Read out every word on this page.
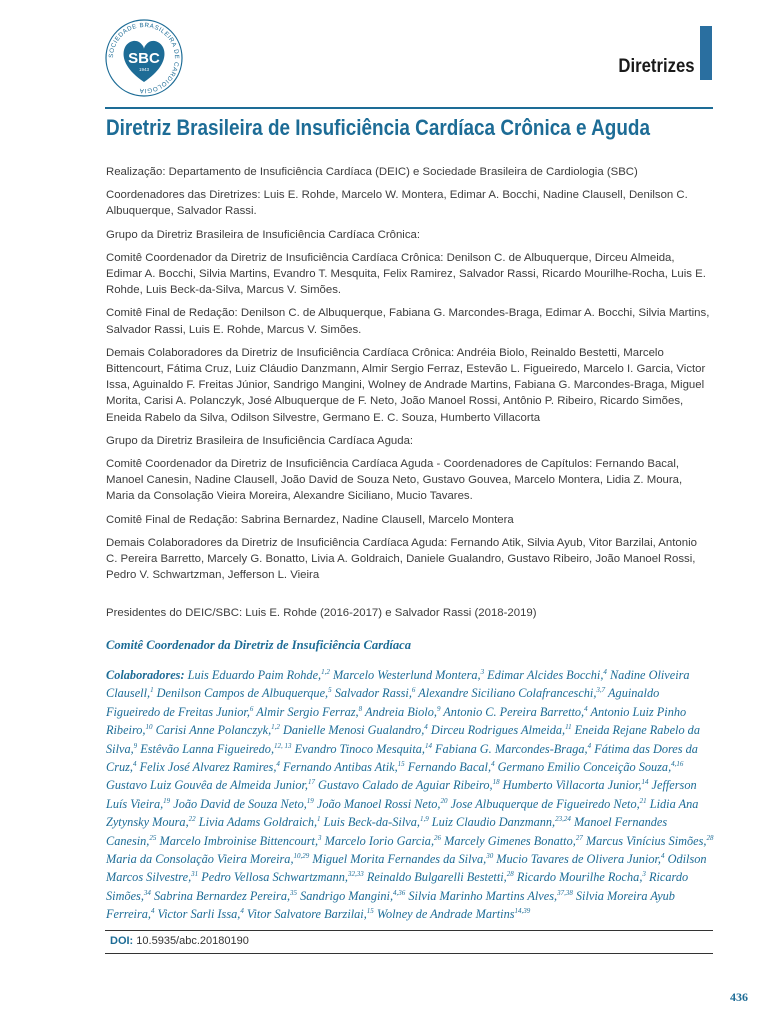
SOCIEDADE BRASILEIRA DE CARDIOLOGIA
SBC
1943	Diretrizes
Diretriz Brasileira de Insuficiência Cardíaca Crônica e Aguda

Realização: Departamento de Insuficiência Cardíaca (DEIC) e Sociedade Brasileira de Cardiologia (SBC)

Coordenadores das Diretrizes: Luis E. Rohde, Marcelo W. Montera, Edimar A. Bocchi, Nadine Clausell, Denilson C. Albuquerque, Salvador Rassi.

Grupo da Diretriz Brasileira de Insuficiência Cardíaca Crônica:

Comitê Coordenador da Diretriz de Insuficiência Cardíaca Crônica: Denilson C. de Albuquerque, Dirceu Almeida, Edimar A. Bocchi, Silvia Martins, Evandro T. Mesquita, Felix Ramirez, Salvador Rassi, Ricardo Mourilhe-Rocha, Luis E. Rohde, Luis Beck-da-Silva, Marcus V. Simões.

Comitê Final de Redação: Denilson C. de Albuquerque, Fabiana G. Marcondes-Braga, Edimar A. Bocchi, Silvia Martins, Salvador Rassi, Luis E. Rohde, Marcus V. Simões.

Demais Colaboradores da Diretriz de Insuficiência Cardíaca Crônica: Andréia Biolo, Reinaldo Bestetti, Marcelo Bittencourt, Fátima Cruz, Luiz Cláudio Danzmann, Almir Sergio Ferraz, Estevão L. Figueiredo, Marcelo I. Garcia, Victor Issa, Aguinaldo F. Freitas Júnior, Sandrigo Mangini, Wolney de Andrade Martins, Fabiana G. Marcondes-Braga, Miguel Morita, Carisi A. Polanczyk, José Albuquerque de F. Neto, João Manoel Rossi, Antônio P. Ribeiro, Ricardo Simões, Eneida Rabelo da Silva, Odilson Silvestre, Germano E. C. Souza, Humberto Villacorta

Grupo da Diretriz Brasileira de Insuficiência Cardíaca Aguda:

Comitê Coordenador da Diretriz de Insuficiência Cardíaca Aguda - Coordenadores de Capítulos: Fernando Bacal, Manoel Canesin, Nadine Clausell, João David de Souza Neto, Gustavo Gouvea, Marcelo Montera, Lidia Z. Moura, Maria da Consolação Vieira Moreira, Alexandre Siciliano, Mucio Tavares.

Comitê Final de Redação: Sabrina Bernardez, Nadine Clausell, Marcelo Montera

Demais Colaboradores da Diretriz de Insuficiência Cardíaca Aguda: Fernando Atik, Silvia Ayub, Vitor Barzilai, Antonio C. Pereira Barretto, Marcely G. Bonatto, Livia A. Goldraich, Daniele Gualandro, Gustavo Ribeiro, João Manoel Rossi, Pedro V. Schwartzman, Jefferson L. Vieira

Presidentes do DEIC/SBC: Luis E. Rohde (2016-2017) e Salvador Rassi (2018-2019)

Comitê Coordenador da Diretriz de Insuficiência Cardíaca
Colaboradores: Luis Eduardo Paim Rohde,$^{1,2}$ Marcelo Westerlund Montera,$^3$ Edimar Alcides Bocchi,$^4$ Nadine Oliveira Clausell,$^1$ Denilson Campos de Albuquerque,$^5$ Salvador Rassi,$^6$ Alexandre Siciliano Colafranceschi,$^{3,7}$ Aguinaldo Figueiredo de Freitas Junior,$^6$ Almir Sergio Ferraz,$^8$ Andreia Biolo,$^9$ Antonio C. Pereira Barretto,$^4$ Antonio Luiz Pinho Ribeiro,$^{10}$ Carisi Anne Polanczyk,$^{1,2}$ Danielle Menosi Gualandro,$^4$ Dirceu Rodrigues Almeida,$^{11}$ Eneida Rejane Rabelo da Silva,$^9$ Estêvão Lanna Figueiredo,$^{12, 13}$ Evandro Tinoco Mesquita,$^{14}$ Fabiana G. Marcondes-Braga,$^4$ Fátima das Dores da Cruz,$^4$ Felix José Alvarez Ramires,$^4$ Fernando Antibas Atik,$^{15}$ Fernando Bacal,$^4$ Germano Emilio Conceição Souza,$^{4,16}$ Gustavo Luiz Gouvêa de Almeida Junior,$^{17}$ Gustavo Calado de Aguiar Ribeiro,$^{18}$ Humberto Villacorta Junior,$^{14}$ Jefferson Luís Vieira,$^{19}$ João David de Souza Neto,$^{19}$ João Manoel Rossi Neto,$^{20}$ Jose Albuquerque de Figueiredo Neto,$^{21}$ Lidia Ana Zytynsky Moura,$^{22}$ Livia Adams Goldraich,$^1$ Luis Beck-da-Silva,$^{1,9}$ Luiz Claudio Danzmann,$^{23,24}$ Manoel Fernandes Canesin,$^{25}$ Marcelo Imbroinise Bittencourt,$^3$ Marcelo Iorio Garcia,$^{26}$ Marcely Gimenes Bonatto,$^{27}$ Marcus Vinícius Simões,$^{28}$ Maria da Consolação Vieira Moreira,$^{10,29}$ Miguel Morita Fernandes da Silva,$^{30}$ Mucio Tavares de Olivera Junior,$^4$ Odilson Marcos Silvestre,$^{31}$ Pedro Vellosa Schwartzmann,$^{32,33}$ Reinaldo Bulgarelli Bestetti,$^{28}$ Ricardo Mourilhe Rocha,$^3$ Ricardo Simões,$^{34}$ Sabrina Bernardez Pereira,$^{35}$ Sandrigo Mangini,$^{4,36}$ Silvia Marinho Martins Alves,$^{37,38}$ Silvia Moreira Ayub Ferreira,$^4$ Victor Sarli Issa,$^4$ Vitor Salvatore Barzilai,$^{15}$ Wolney de Andrade Martins$^{14,39}$
DOI: 10.5935/abc.20180190
436
